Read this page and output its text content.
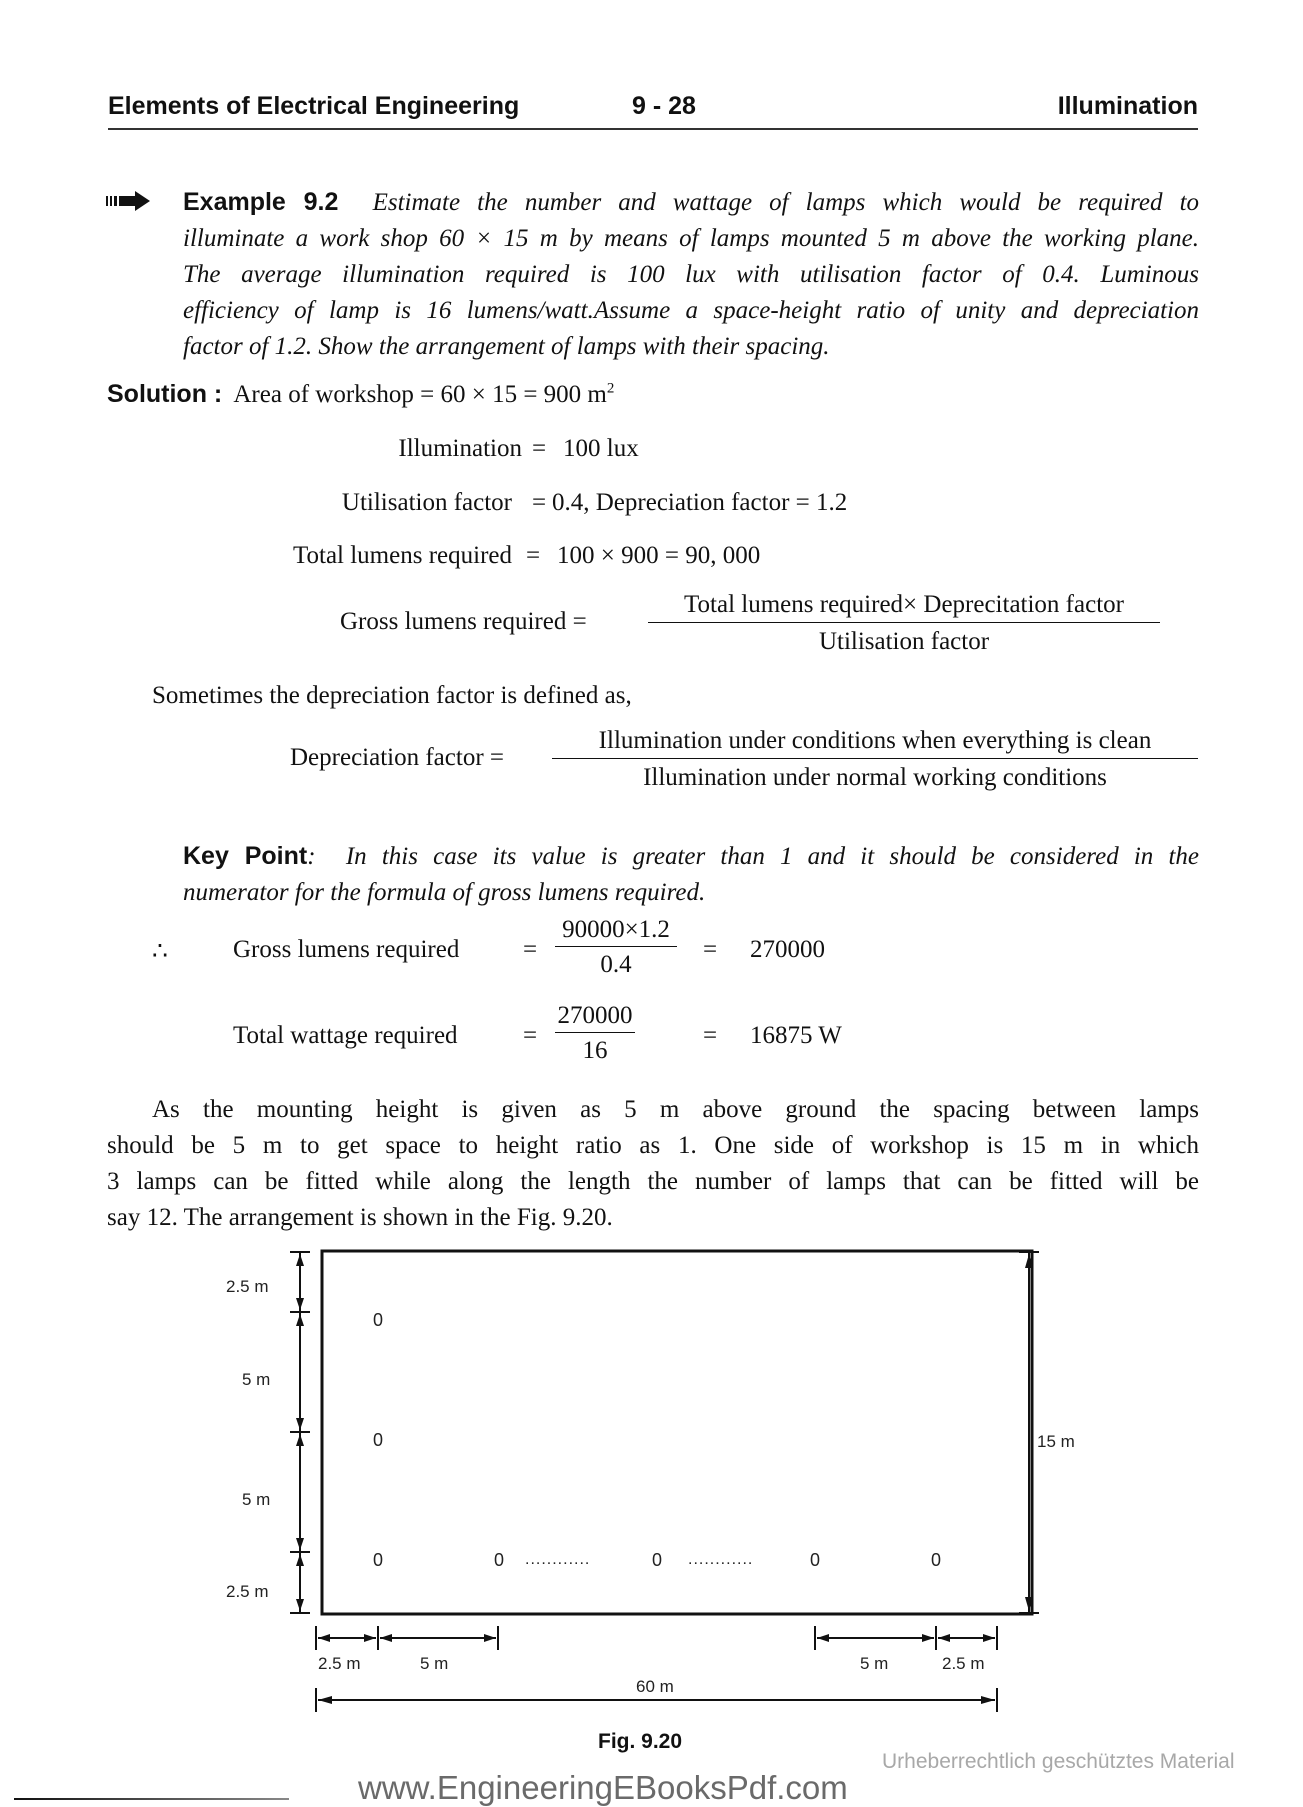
Elements of Electrical Engineering	9 - 28	Illumination
Example 9.2 Estimate the number and wattage of lamps which would be required to
illuminate a work shop 60 × 15 m by means of lamps mounted 5 m above the working plane.
The average illumination required is 100 lux with utilisation factor of 0.4. Luminous
efficiency of lamp is 16 lumens/watt.Assume a space-height ratio of unity and depreciation
factor of 1.2. Show the arrangement of lamps with their spacing.
Solution : Area of workshop = 60 × 15 = 900 $m^2$
Illumination = 100 lux
Utilisation factor = 0.4, Depreciation factor = 1.2
Total lumens required = 100 × 900 = 90, 000
Gross lumens required =
Total lumens required× Deprecitation factor
Utilisation factor
Sometimes the depreciation factor is defined as,
Depreciation factor =
Illumination under conditions when everything is clean
Illumination under normal working conditions
Key Point: In this case its value is greater than 1 and it should be considered in the
numerator for the formula of gross lumens required.
∴	Gross lumens required	=
90000×1.2
0.4
= 270000
Total wattage required	=
270000
16
= 16875 W
As the mounting height is given as 5 m above ground the spacing between lamps
should be 5 m to get space to height ratio as 1. One side of workshop is 15 m in which
3 lamps can be fitted while along the length the number of lamps that can be fitted will be
say 12. The arrangement is shown in the Fig. 9.20.
2.5 m
5 m
5 m
2.5 m
15 m
0
0
0	0 ............	0 ............	0	0
2.5 m	5 m	5 m	2.5 m
60 m
Fig. 9.20
Urheberrechtlich geschütztes Material
www.EngineeringEBooksPdf.com
